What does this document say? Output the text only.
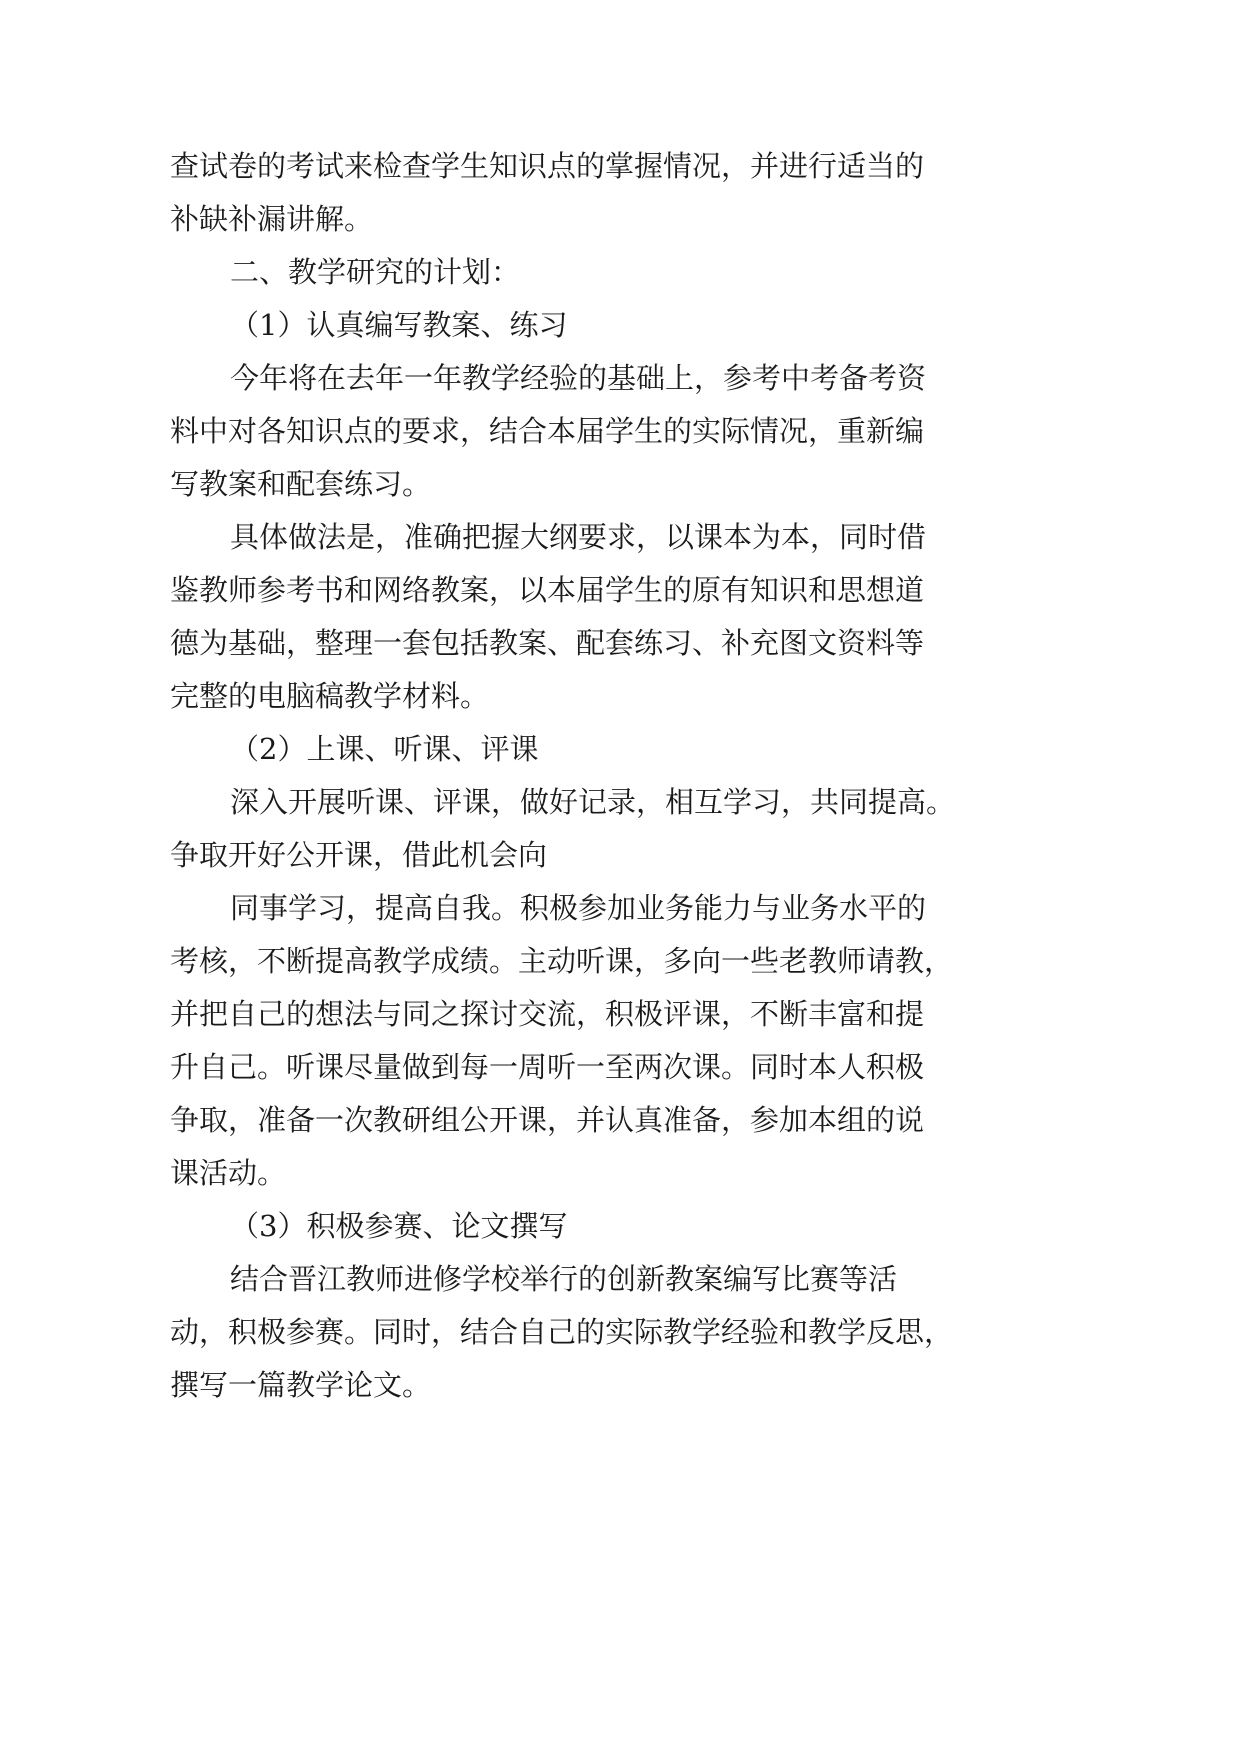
查试卷的考试来检查学生知识点的掌握情况，并进行适当的
补缺补漏讲解。
二、教学研究的计划：
（1）认真编写教案、练习
今年将在去年一年教学经验的基础上，参考中考备考资
料中对各知识点的要求，结合本届学生的实际情况，重新编
写教案和配套练习。
具体做法是，准确把握大纲要求，以课本为本，同时借
鉴教师参考书和网络教案，以本届学生的原有知识和思想道
德为基础，整理一套包括教案、配套练习、补充图文资料等
完整的电脑稿教学材料。
（2）上课、听课、评课
深入开展听课、评课，做好记录，相互学习，共同提高。
争取开好公开课，借此机会向
同事学习，提高自我。积极参加业务能力与业务水平的
考核，不断提高教学成绩。主动听课，多向一些老教师请教，
并把自己的想法与同之探讨交流，积极评课，不断丰富和提
升自己。听课尽量做到每一周听一至两次课。同时本人积极
争取，准备一次教研组公开课，并认真准备，参加本组的说
课活动。
（3）积极参赛、论文撰写
结合晋江教师进修学校举行的创新教案编写比赛等活
动，积极参赛。同时，结合自己的实际教学经验和教学反思，
撰写一篇教学论文。
